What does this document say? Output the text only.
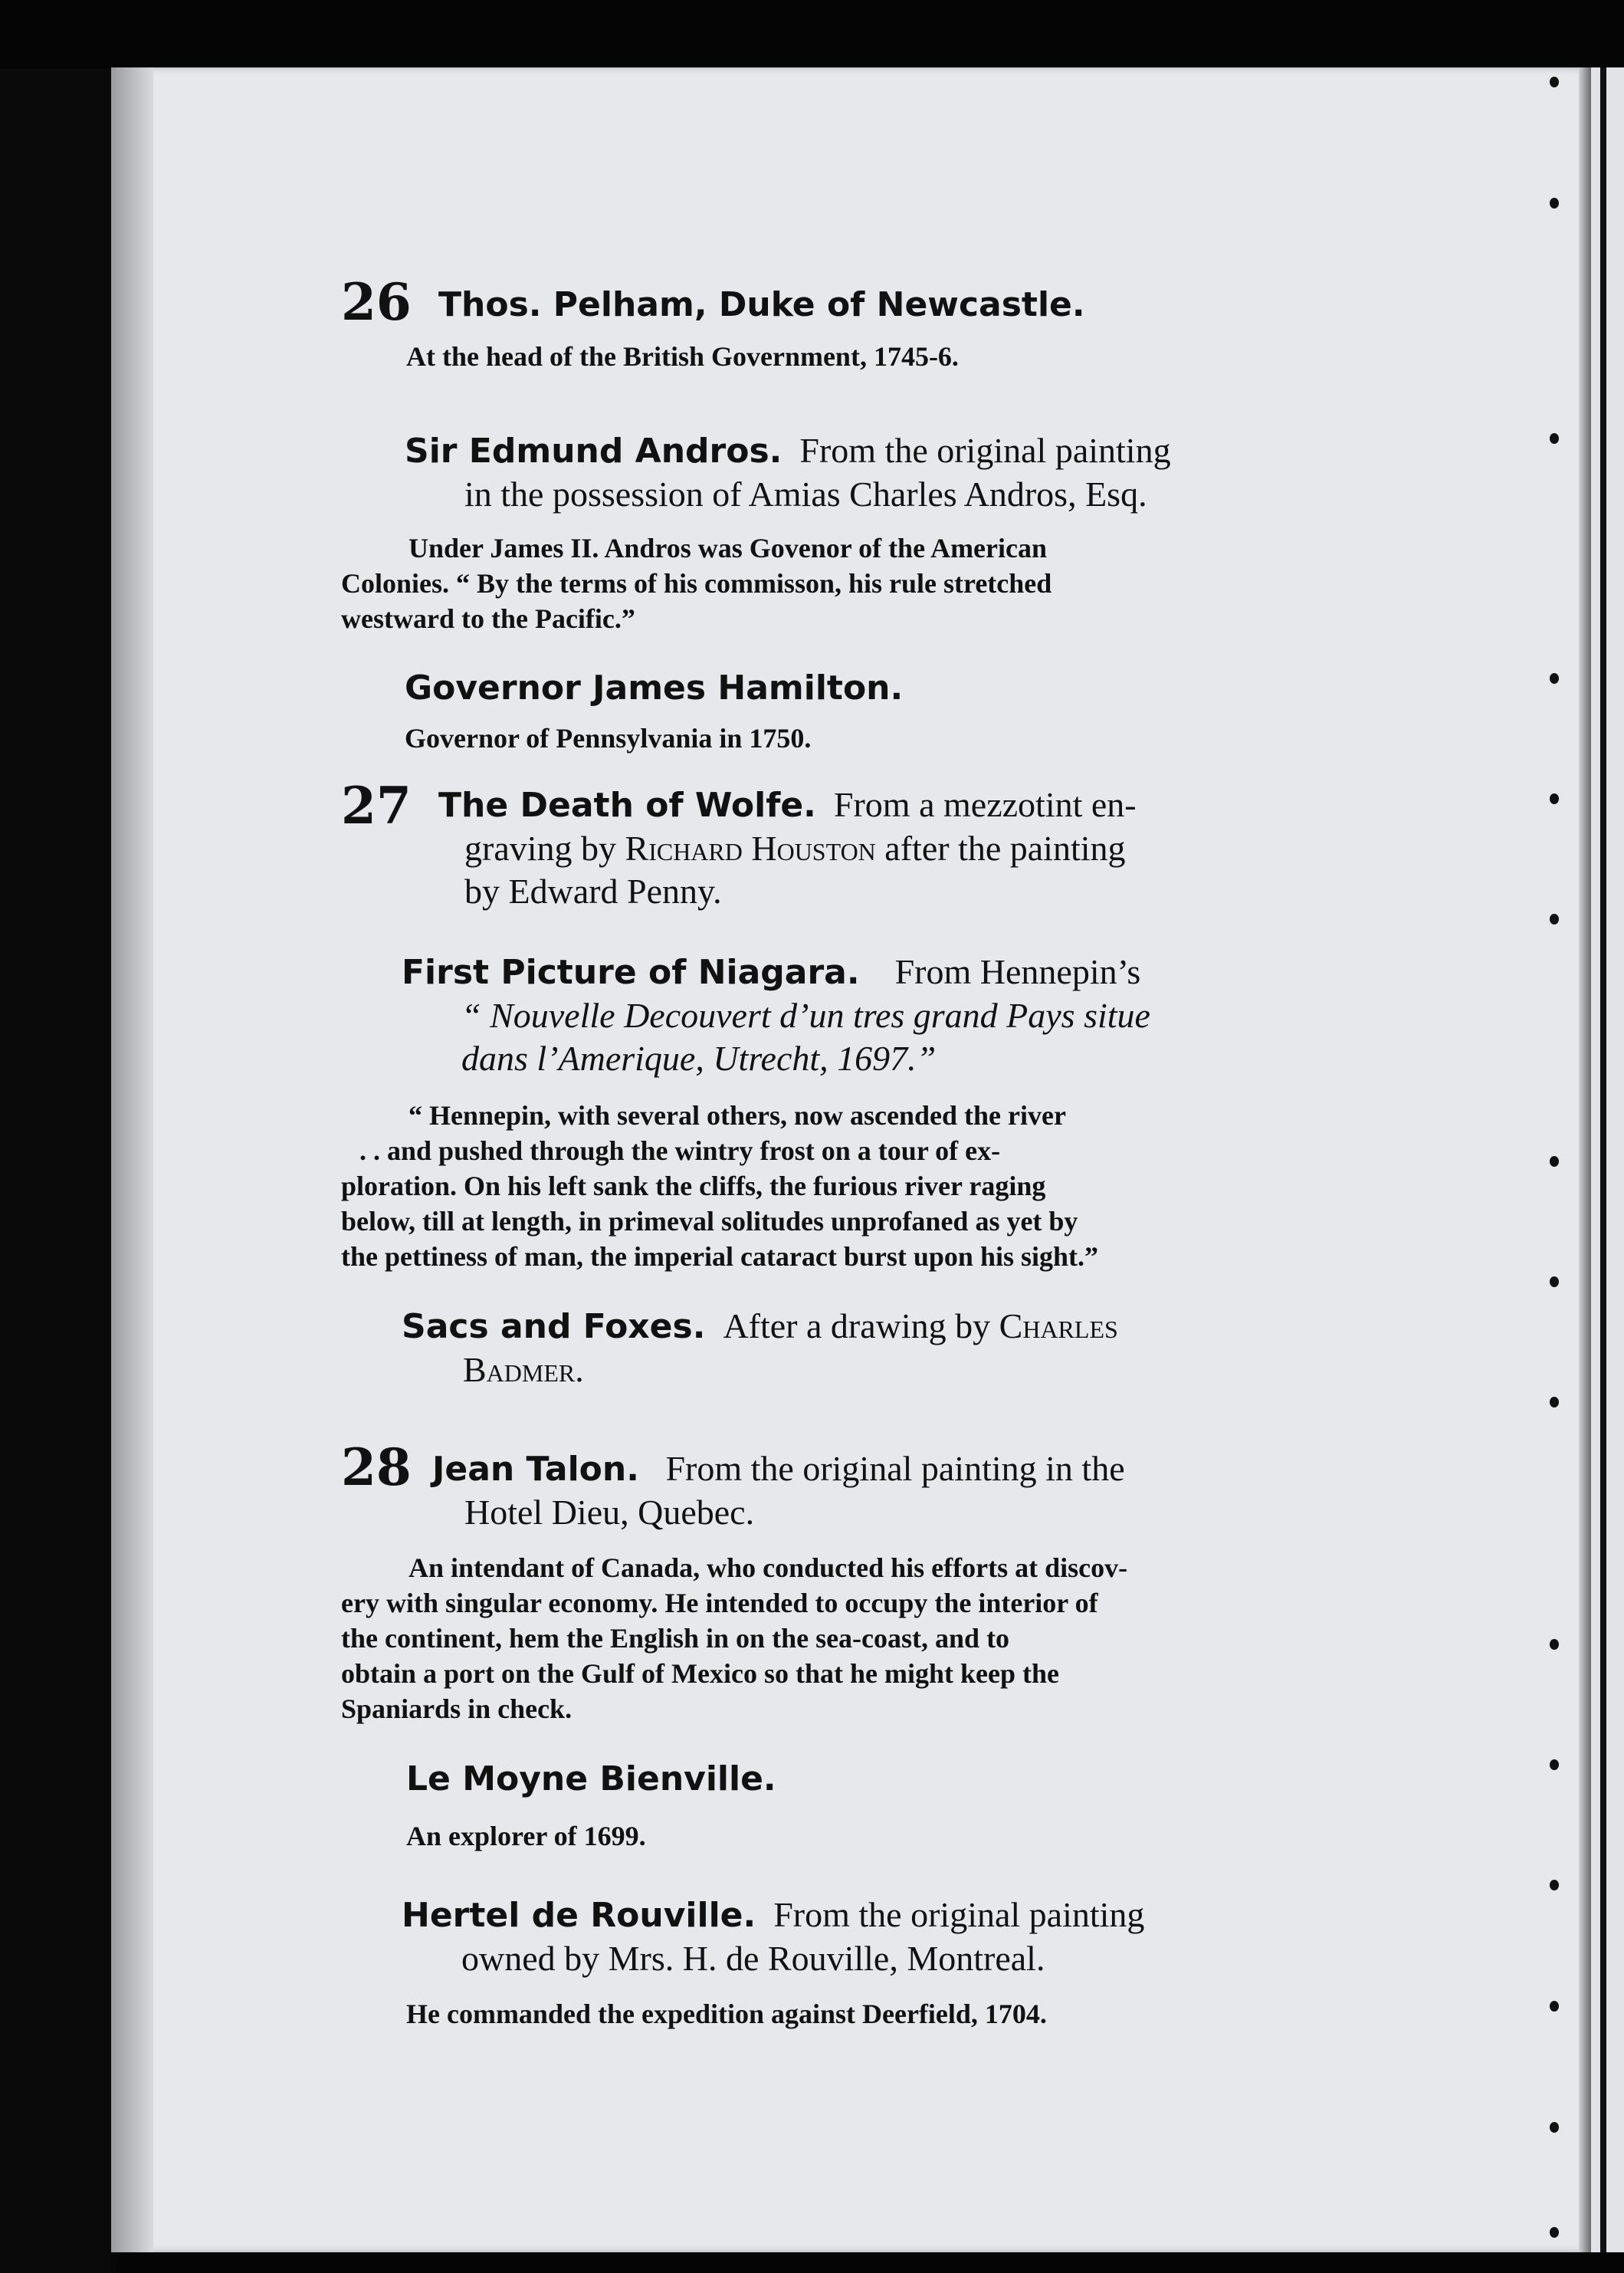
26 Thos. Pelham, Duke of Newcastle.
At the head of the British Government, 1745-6.
Sir Edmund Andros. From the original painting
in the possession of Amias Charles Andros, Esq.
Under James II. Andros was Govenor of the American
Colonies. “ By the terms of his commisson, his rule stretched
westward to the Pacific.”
Governor James Hamilton.
Governor of Pennsylvania in 1750.
27 The Death of Wolfe. From a mezzotint en-
graving by Richard Houston after the painting
by Edward Penny.
First Picture of Niagara. From Hennepin’s
“ Nouvelle Decouvert d’un tres grand Pays situe
dans l’Amerique, Utrecht, 1697.”
“ Hennepin, with several others, now ascended the river
. . and pushed through the wintry frost on a tour of ex-
ploration. On his left sank the cliffs, the furious river raging
below, till at length, in primeval solitudes unprofaned as yet by
the pettiness of man, the imperial cataract burst upon his sight.”
Sacs and Foxes. After a drawing by Charles
Badmer.
28 Jean Talon. From the original painting in the
Hotel Dieu, Quebec.
An intendant of Canada, who conducted his efforts at discov-
ery with singular economy. He intended to occupy the interior of
the continent, hem the English in on the sea-coast, and to
obtain a port on the Gulf of Mexico so that he might keep the
Spaniards in check.
Le Moyne Bienville.
An explorer of 1699.
Hertel de Rouville. From the original painting
owned by Mrs. H. de Rouville, Montreal.
He commanded the expedition against Deerfield, 1704.
